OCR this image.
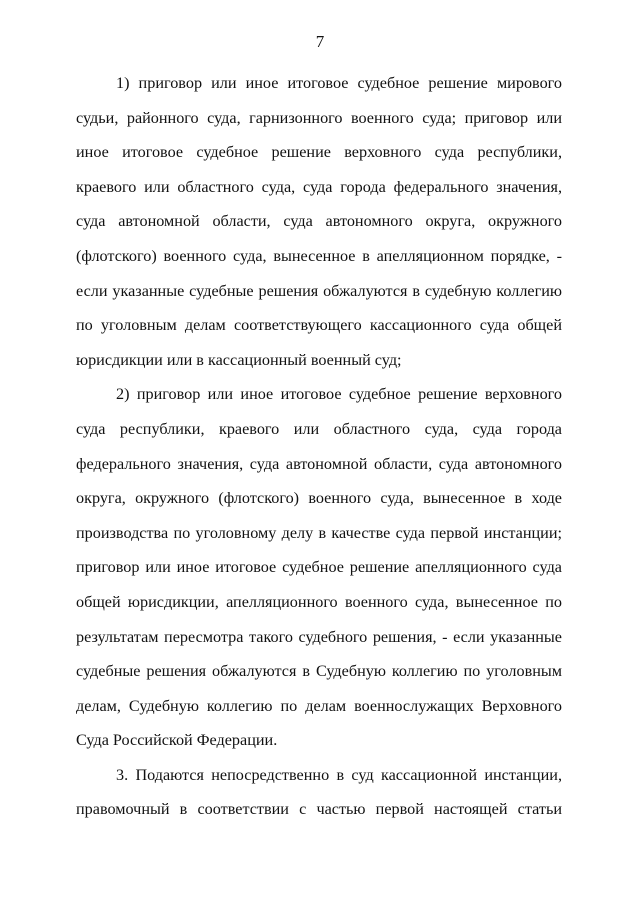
7

1) приговор или иное итоговое судебное решение мирового судьи, районного суда, гарнизонного военного суда; приговор или иное итоговое судебное решение верховного суда республики, краевого или областного суда, суда города федерального значения, суда автономной области, суда автономного округа, окружного (флотского) военного суда, вынесенное в апелляционном порядке, - если указанные судебные решения обжалуются в судебную коллегию по уголовным делам соответствующего кассационного суда общей юрисдикции или в кассационный военный суд;

2) приговор или иное итоговое судебное решение верховного суда республики, краевого или областного суда, суда города федерального значения, суда автономной области, суда автономного округа, окружного (флотского) военного суда, вынесенное в ходе производства по уголовному делу в качестве суда первой инстанции; приговор или иное итоговое судебное решение апелляционного суда общей юрисдикции, апелляционного военного суда, вынесенное по результатам пересмотра такого судебного решения, - если указанные судебные решения обжалуются в Судебную коллегию по уголовным делам, Судебную коллегию по делам военнослужащих Верховного Суда Российской Федерации.

3. Подаются непосредственно в суд кассационной инстанции, правомочный в соответствии с частью первой настоящей статьи
